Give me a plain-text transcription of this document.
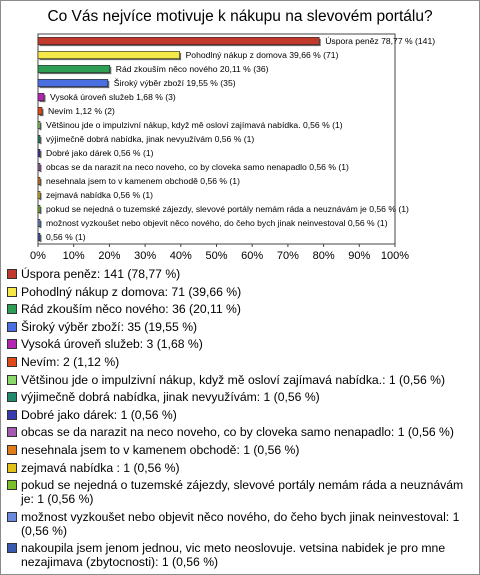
Co Vás nejvíce motivuje k nákupu na slevovém portálu?
Úspora peněz 78,77 % (141)
Pohodlný nákup z domova 39,66 % (71)
Rád zkouším něco nového 20,11 % (36)
Široký výběr zboží 19,55 % (35)
Vysoká úroveň služeb 1,68 % (3)
Nevím 1,12 % (2)
Většinou jde o impulzivní nákup, když mě osloví zajímavá nabídka. 0,56 % (1)
výjimečně dobrá nabídka, jinak nevyužívám 0,56 % (1)
Dobré jako dárek 0,56 % (1)
obcas se da narazit na neco noveho, co by cloveka samo nenapadlo 0,56 % (1)
nesehnala jsem to v kamenem obchodě 0,56 % (1)
zejmavá nabídka 0,56 % (1)
pokud se nejedná o tuzemské zájezdy, slevové portály nemám ráda a neuznávám je 0,56 % (1)
možnost vyzkoušet nebo objevit něco nového, do čeho bych jinak neinvestoval 0,56 % (1)
0,56 % (1)
0% 10% 20% 30% 40% 50% 60% 70% 80% 90% 100%
Úspora peněz: 141 (78,77 %)
Pohodlný nákup z domova: 71 (39,66 %)
Rád zkouším něco nového: 36 (20,11 %)
Široký výběr zboží: 35 (19,55 %)
Vysoká úroveň služeb: 3 (1,68 %)
Nevím: 2 (1,12 %)
Většinou jde o impulzivní nákup, když mě osloví zajímavá nabídka.: 1 (0,56 %)
výjimečně dobrá nabídka, jinak nevyužívám: 1 (0,56 %)
Dobré jako dárek: 1 (0,56 %)
obcas se da narazit na neco noveho, co by cloveka samo nenapadlo: 1 (0,56 %)
nesehnala jsem to v kamenem obchodě: 1 (0,56 %)
zejmavá nabídka : 1 (0,56 %)
pokud se nejedná o tuzemské zájezdy, slevové portály nemám ráda a neuznávám je: 1 (0,56 %)
možnost vyzkoušet nebo objevit něco nového, do čeho bych jinak neinvestoval: 1 (0,56 %)
nakoupila jsem jenom jednou, vic meto neoslovuje. vetsina nabidek je pro mne nezajimava (zbytocnosti): 1 (0,56 %)
